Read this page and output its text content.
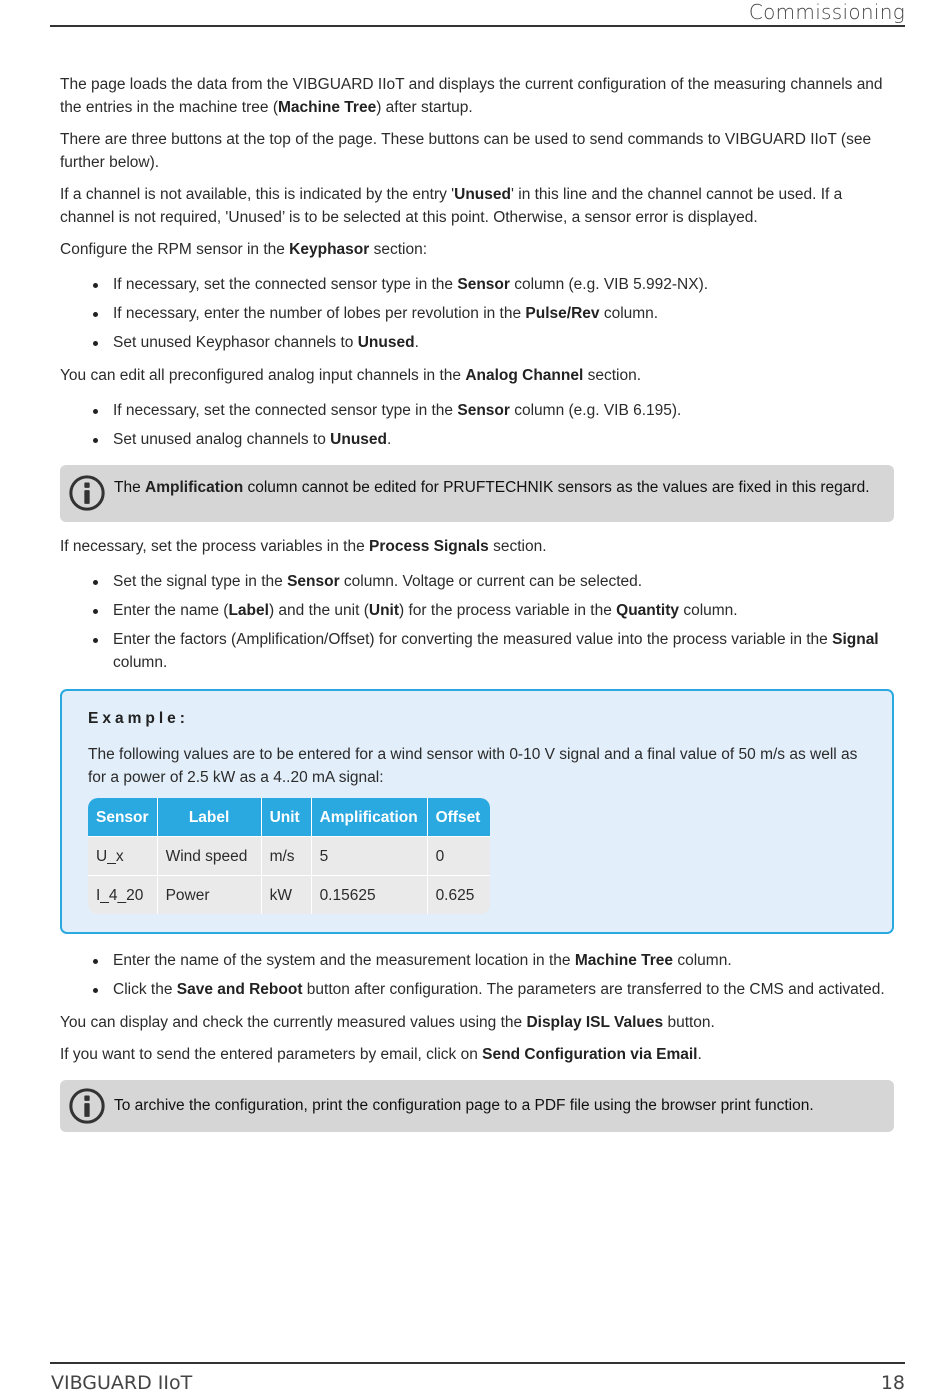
Commissioning

The page loads the data from the VIBGUARD IIoT and displays the current configuration of the measuring channels and the entries in the machine tree (Machine Tree) after startup.

There are three buttons at the top of the page. These buttons can be used to send commands to VIBGUARD IIoT (see further below).

If a channel is not available, this is indicated by the entry 'Unused' in this line and the channel cannot be used. If a channel is not required, 'Unused’ is to be selected at this point. Otherwise, a sensor error is displayed.

Configure the RPM sensor in the Keyphasor section:

If necessary, set the connected sensor type in the Sensor column (e.g. VIB 5.992-NX).
If necessary, enter the number of lobes per revolution in the Pulse/Rev column.
Set unused Keyphasor channels to Unused.

You can edit all preconfigured analog input channels in the Analog Channel section.

If necessary, set the connected sensor type in the Sensor column (e.g. VIB 6.195).
Set unused analog channels to Unused.
The Amplification column cannot be edited for PRUFTECHNIK sensors as the values are fixed in this regard.

If necessary, set the process variables in the Process Signals section.

Set the signal type in the Sensor column. Voltage or current can be selected.
Enter the name (Label) and the unit (Unit) for the process variable in the Quantity column.
Enter the factors (Amplification/Offset) for converting the measured value into the process variable in the Signal column.
Example:
The following values are to be entered for a wind sensor with 0-10 V signal and a final value of 50 m/s as well as for a power of 2.5 kW as a 4..20 mA signal:
Sensor	Label	Unit	Amplification	Offset
U_x	Wind speed	m/s	5	0
I_4_20	Power	kW	0.15625	0.625
Enter the name of the system and the measurement location in the Machine Tree column.
Click the Save and Reboot button after configuration. The parameters are transferred to the CMS and activated.

You can display and check the currently measured values using the Display ISL Values button.

If you want to send the entered parameters by email, click on Send Configuration via Email.

To archive the configuration, print the configuration page to a PDF file using the browser print function.
VIBGUARD IIoT	18
